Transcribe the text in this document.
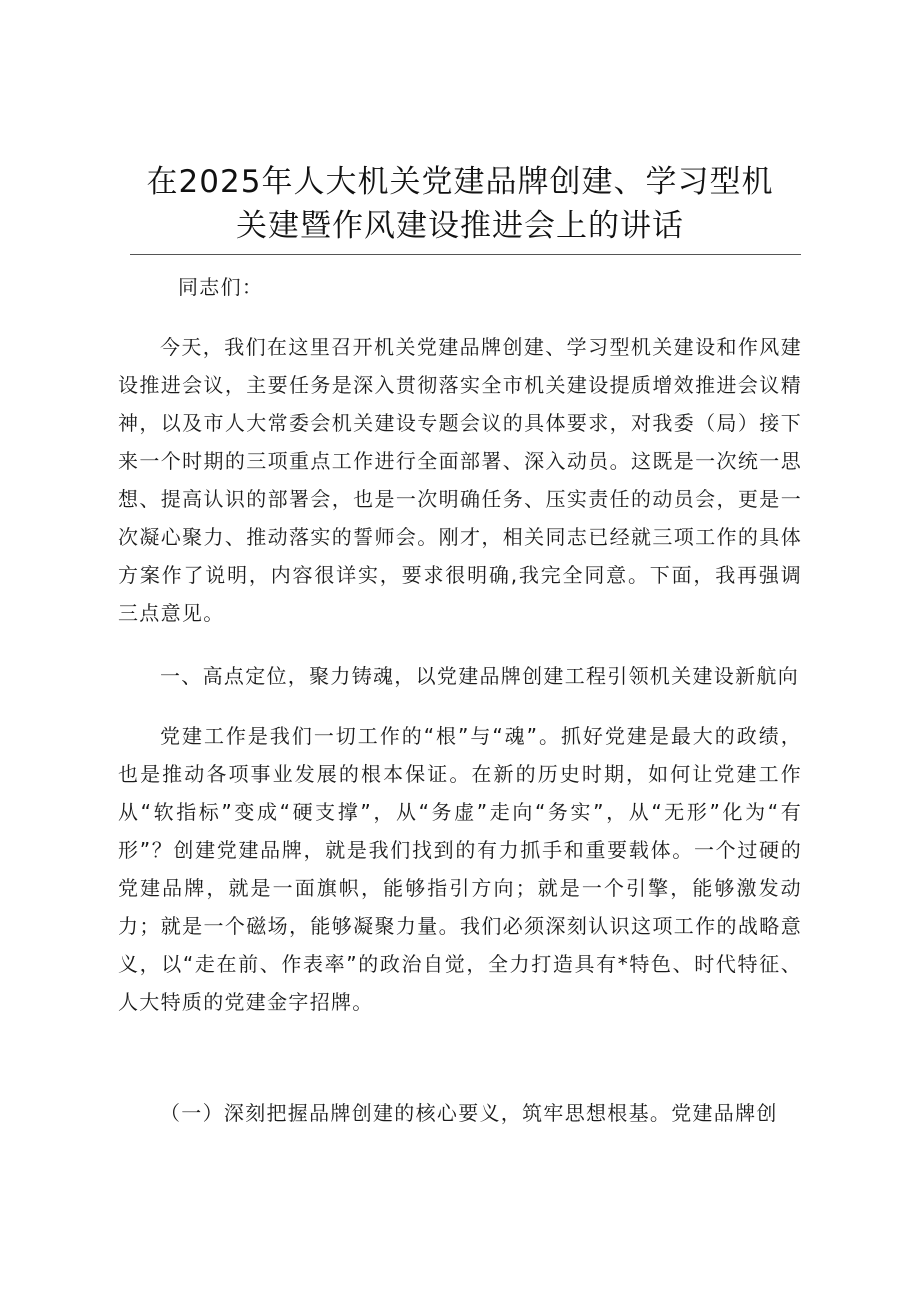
在2025年人大机关党建品牌创建、学习型机
关建暨作风建设推进会上的讲话
同志们：
今天，我们在这里召开机关党建品牌创建、学习型机关建设和作风建设推进会议，主要任务是深入贯彻落实全市机关建设提质增效推进会议精神，以及市人大常委会机关建设专题会议的具体要求，对我委（局）接下来一个时期的三项重点工作进行全面部署、深入动员。这既是一次统一思想、提高认识的部署会，也是一次明确任务、压实责任的动员会，更是一次凝心聚力、推动落实的誓师会。刚才，相关同志已经就三项工作的具体方案作了说明，内容很详实，要求很明确,我完全同意。下面，我再强调三点意见。
一、高点定位，聚力铸魂，以党建品牌创建工程引领机关建设新航向
党建工作是我们一切工作的“根”与“魂”。抓好党建是最大的政绩，也是推动各项事业发展的根本保证。在新的历史时期，如何让党建工作从“软指标”变成“硬支撑”，从“务虚”走向“务实”，从“无形”化为“有形”？创建党建品牌，就是我们找到的有力抓手和重要载体。一个过硬的党建品牌，就是一面旗帜，能够指引方向；就是一个引擎，能够激发动力；就是一个磁场，能够凝聚力量。我们必须深刻认识这项工作的战略意义，以“走在前、作表率”的政治自觉，全力打造具有*特色、时代特征、人大特质的党建金字招牌。
（一）深刻把握品牌创建的核心要义，筑牢思想根基。党建品牌创
